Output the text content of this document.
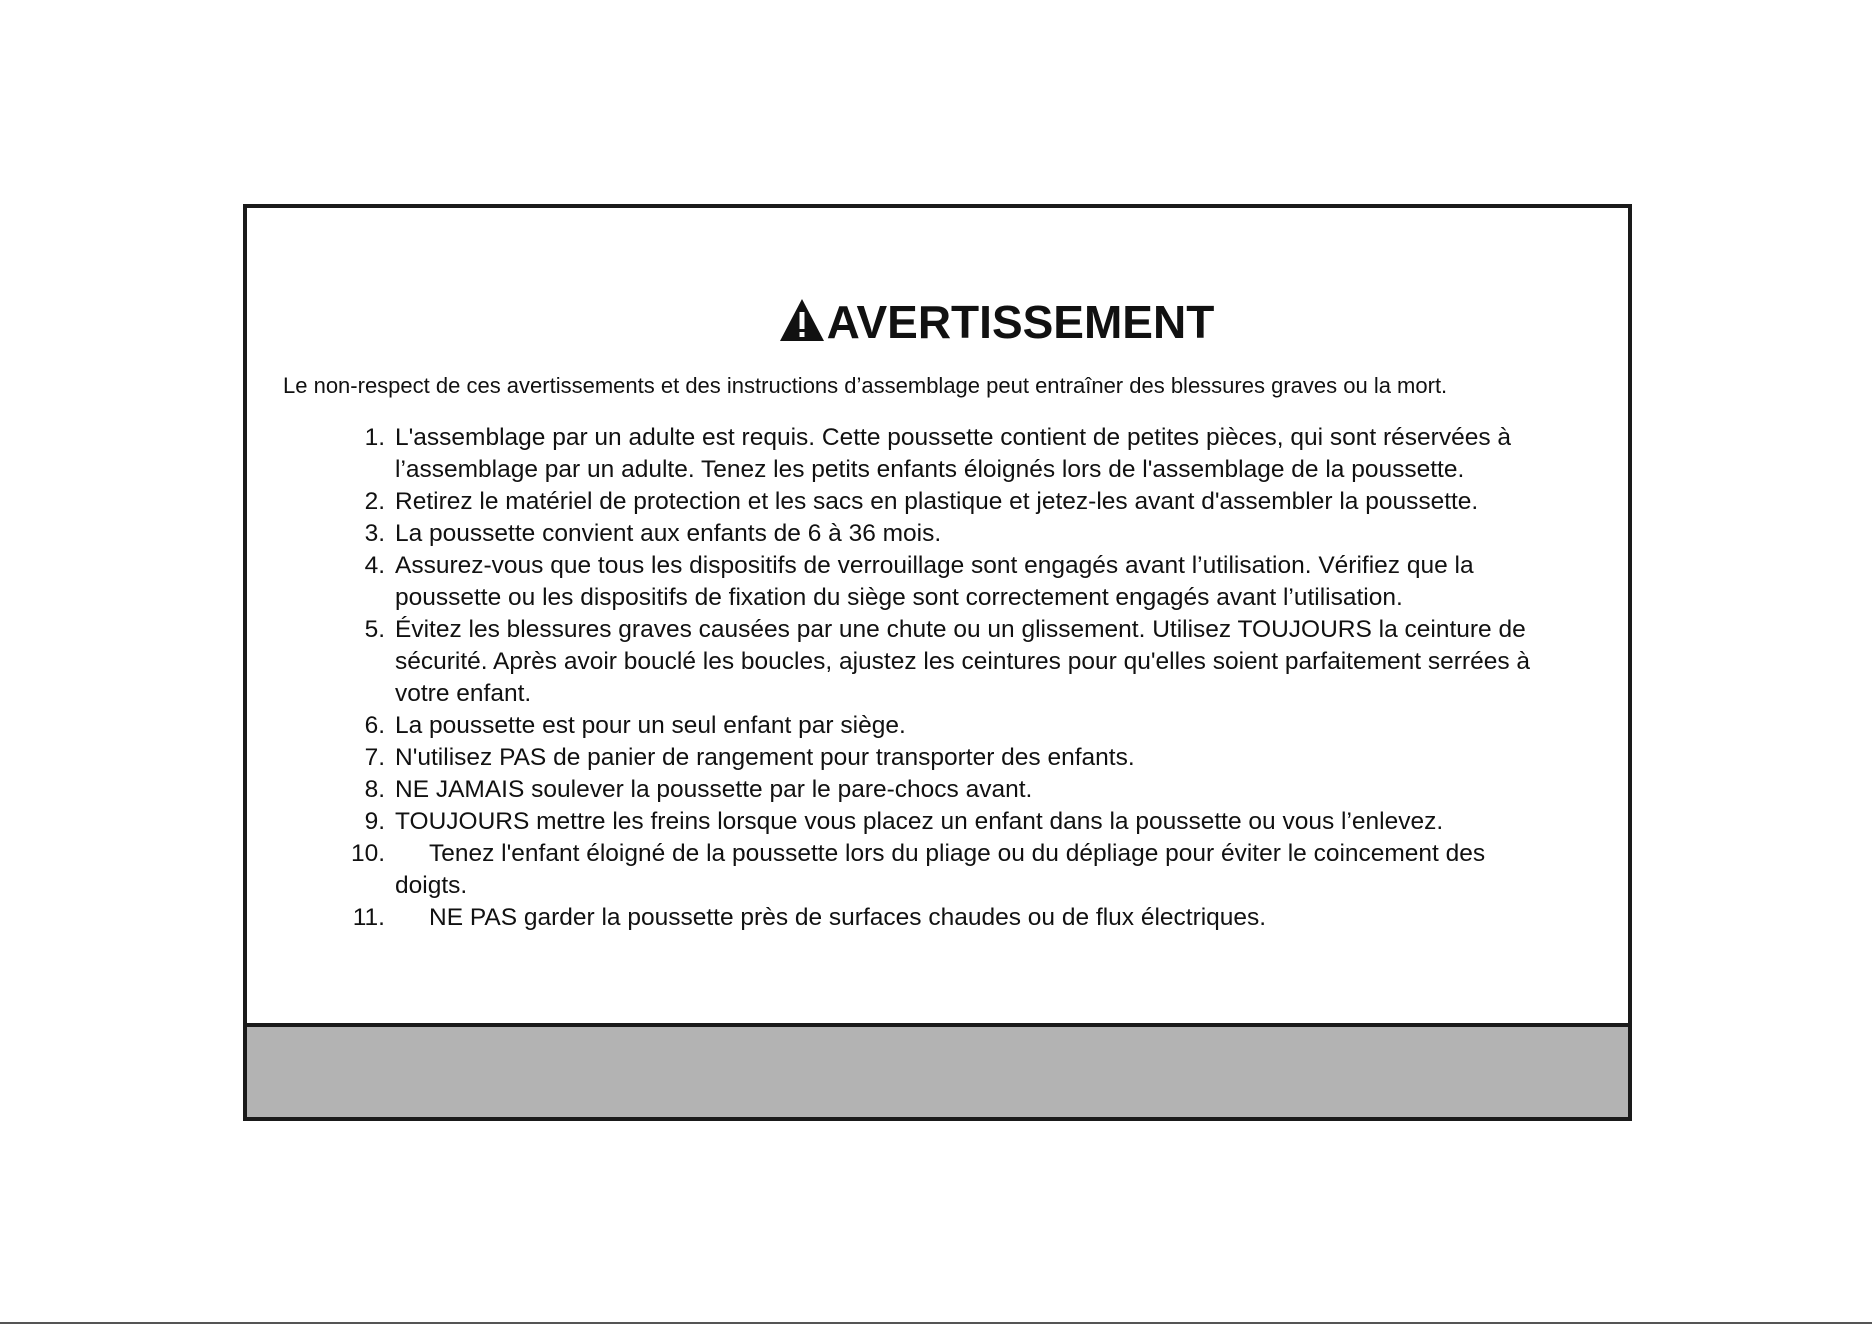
AVERTISSEMENT
Le non-respect de ces avertissements et des instructions d’assemblage peut entraîner des blessures graves ou la mort.
1. L'assemblage par un adulte est requis. Cette poussette contient de petites pièces, qui sont réservées à l’assemblage par un adulte. Tenez les petits enfants éloignés lors de l'assemblage de la poussette.
2. Retirez le matériel de protection et les sacs en plastique et jetez-les avant d'assembler la poussette.
3. La poussette convient aux enfants de 6 à 36 mois.
4. Assurez-vous que tous les dispositifs de verrouillage sont engagés avant l’utilisation. Vérifiez que la poussette ou les dispositifs de fixation du siège sont correctement engagés avant l’utilisation.
5. Évitez les blessures graves causées par une chute ou un glissement. Utilisez TOUJOURS la ceinture de sécurité. Après avoir bouclé les boucles, ajustez les ceintures pour qu'elles soient parfaitement serrées à votre enfant.
6. La poussette est pour un seul enfant par siège.
7. N'utilisez PAS de panier de rangement pour transporter des enfants.
8. NE JAMAIS soulever la poussette par le pare-chocs avant.
9. TOUJOURS mettre les freins lorsque vous placez un enfant dans la poussette ou vous l’enlevez.
10.	Tenez l'enfant éloigné de la poussette lors du pliage ou du dépliage pour éviter le coincement des doigts.
11.	NE PAS garder la poussette près de surfaces chaudes ou de flux électriques.
